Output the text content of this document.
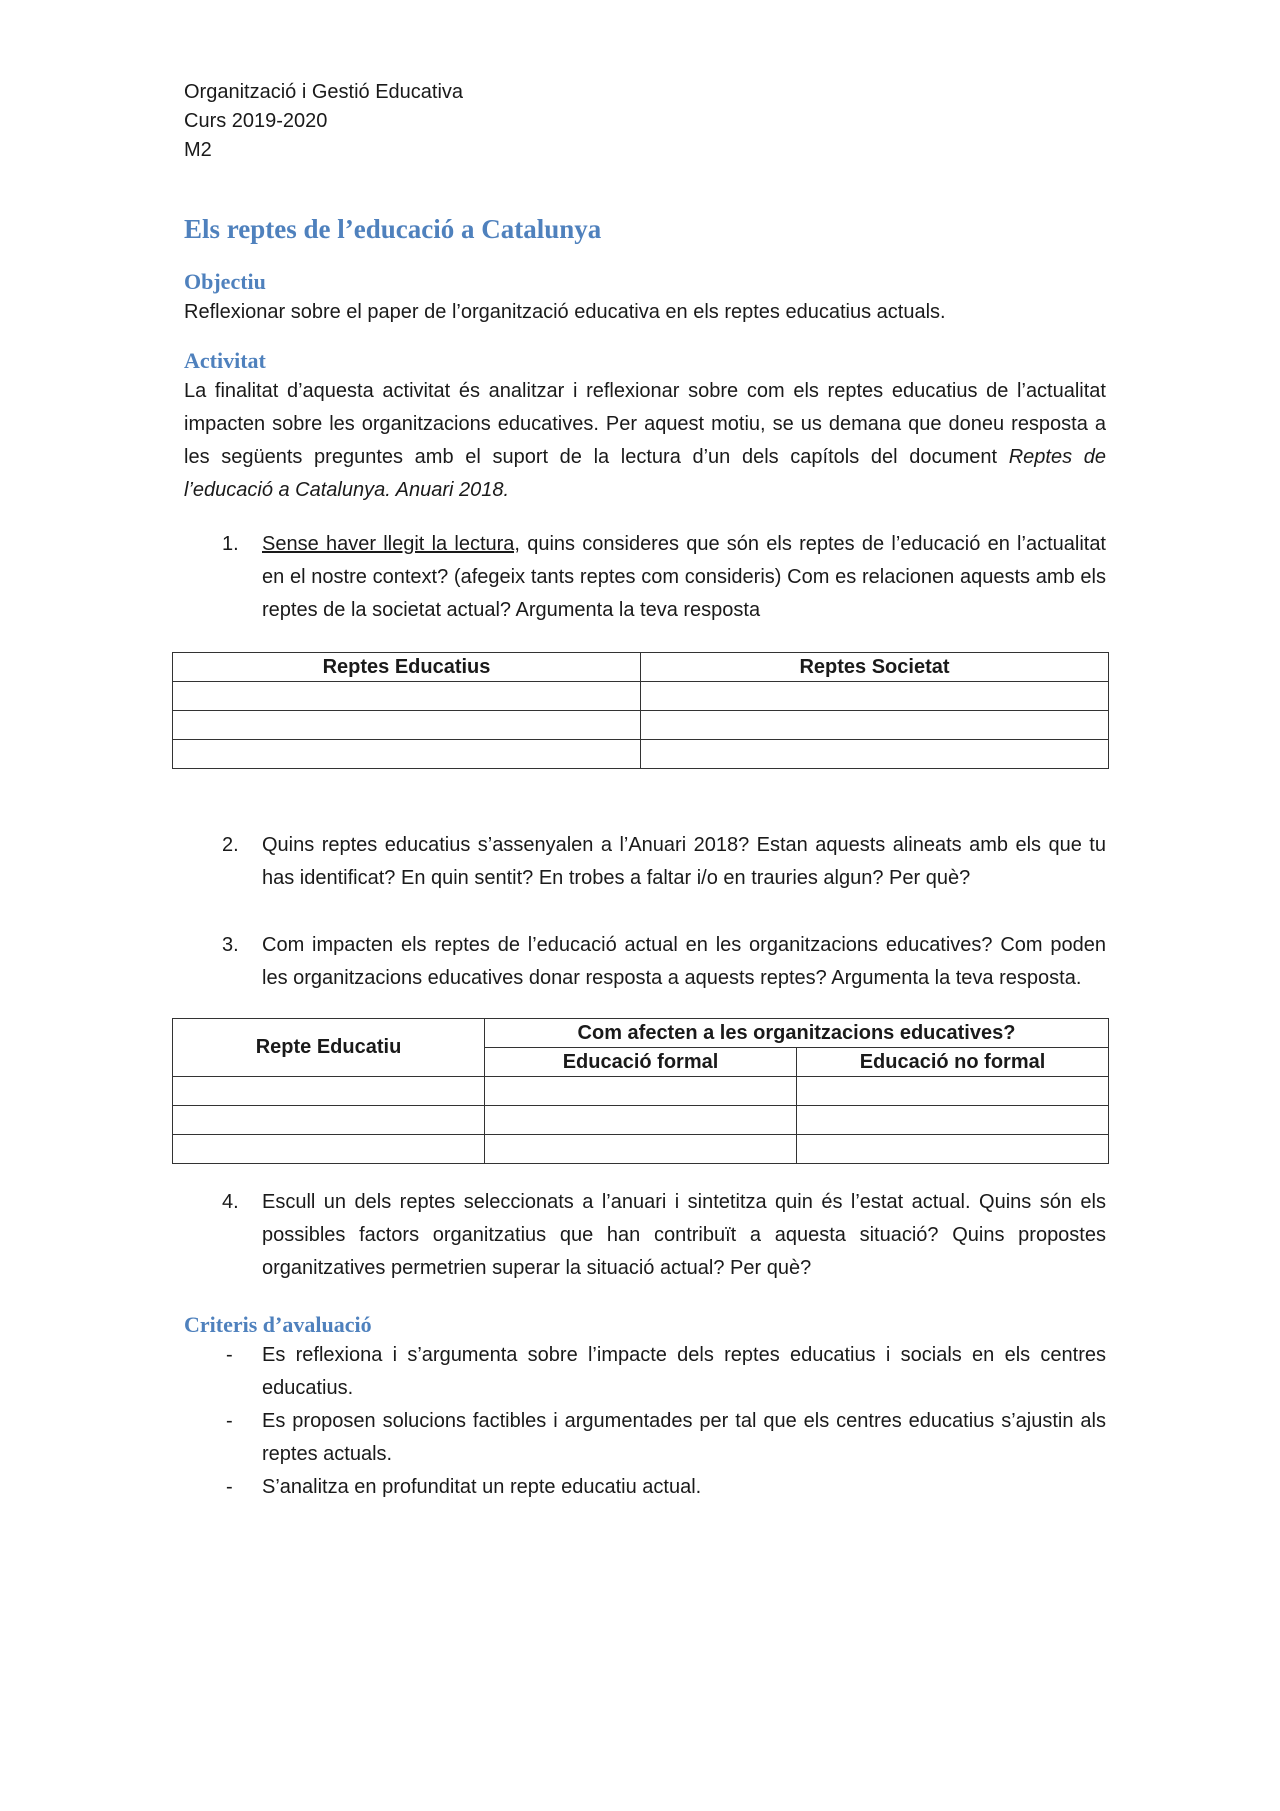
Organització i Gestió Educativa
Curs 2019-2020
M2
Els reptes de l’educació a Catalunya
Objectiu

Reflexionar sobre el paper de l’organització educativa en els reptes educatius actuals.

Activitat

La finalitat d’aquesta activitat és analitzar i reflexionar sobre com els reptes educatius de l’actualitat impacten sobre les organitzacions educatives. Per aquest motiu, se us demana que doneu resposta a les següents preguntes amb el suport de la lectura d’un dels capítols del document Reptes de l’educació a Catalunya. Anuari 2018.

1. Sense haver llegit la lectura, quins consideres que són els reptes de l’educació en l’actualitat en el nostre context? (afegeix tants reptes com consideris) Com es relacionen aquests amb els reptes de la societat actual? Argumenta la teva resposta
Reptes Educatius	Reptes Societat

2. Quins reptes educatius s’assenyalen a l’Anuari 2018? Estan aquests alineats amb els que tu has identificat? En quin sentit? En trobes a faltar i/o en trauries algun? Per què?
3. Com impacten els reptes de l’educació actual en les organitzacions educatives? Com poden les organitzacions educatives donar resposta a aquests reptes? Argumenta la teva resposta.
Repte Educatiu	Com afecten a les organitzacions educatives?	
	Educació formal	Educació no formal

4. Escull un dels reptes seleccionats a l’anuari i sintetitza quin és l’estat actual. Quins són els possibles factors organitzatius que han contribuït a aquesta situació? Quins propostes organitzatives permetrien superar la situació actual? Per què?
Criteris d’avaluació
- Es reflexiona i s’argumenta sobre l’impacte dels reptes educatius i socials en els centres educatius.
- Es proposen solucions factibles i argumentades per tal que els centres educatius s’ajustin als reptes actuals.
- S’analitza en profunditat un repte educatiu actual.
